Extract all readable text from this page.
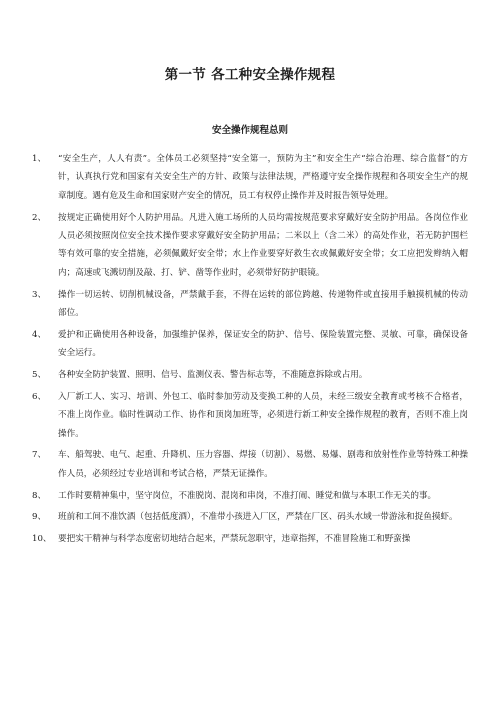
第一节 各工种安全操作规程
安全操作规程总则
1、	“安全生产，人人有责”。全体员工必须坚持“安全第一，预防为主”和安全生产“综合治理、综合监督”的方针，认真执行党和国家有关安全生产的方针、政策与法律法规，严格遵守安全操作规程和各项安全生产的规章制度。遇有危及生命和国家财产安全的情况，员工有权停止操作并及时报告领导处理。
2、	按规定正确使用好个人防护用品。凡进入施工场所的人员均需按规范要求穿戴好安全防护用品。各岗位作业人员必须按照岗位安全技术操作要求穿戴好安全防护用品；二米以上（含二米）的高处作业，若无防护围栏等有效可靠的安全措施，必须佩戴好安全带；水上作业要穿好救生衣或佩戴好安全带；女工应把发辫纳入帽内；高速或飞溅切削及敲、打、铲、凿等作业时，必须带好防护眼镜。
3、	操作一切运转、切削机械设备，严禁戴手套，不得在运转的部位跨越、传递物件或直接用手触摸机械的传动部位。
4、	爱护和正确使用各种设备，加强维护保养，保证安全的防护、信号、保险装置完整、灵敏、可靠，确保设备安全运行。
5、	各种安全防护装置、照明、信号、监测仪表、警告标志等，不准随意拆除或占用。
6、	入厂新工人、实习、培训、外包工、临时参加劳动及变换工种的人员，未经三级安全教育或考核不合格者，不准上岗作业。临时性调动工作、协作和顶岗加班等，必须进行新工种安全操作规程的教育，否则不准上岗操作。
7、	车、船驾驶、电气、起重、升降机、压力容器、焊接（切割）、易燃、易爆、剧毒和放射性作业等特殊工种操作人员，必须经过专业培训和考试合格，严禁无证操作。
8、	工作时要精神集中，坚守岗位，不准脱岗、混岗和串岗，不准打闹、睡觉和做与本职工作无关的事。
9、	班前和工间不准饮酒（包括低度酒），不准带小孩进入厂区，严禁在厂区、码头水域一带游泳和捉鱼摸虾。
10、 要把实干精神与科学态度密切地结合起来，严禁玩忽职守，违章指挥，不准冒险施工和野蛮操
